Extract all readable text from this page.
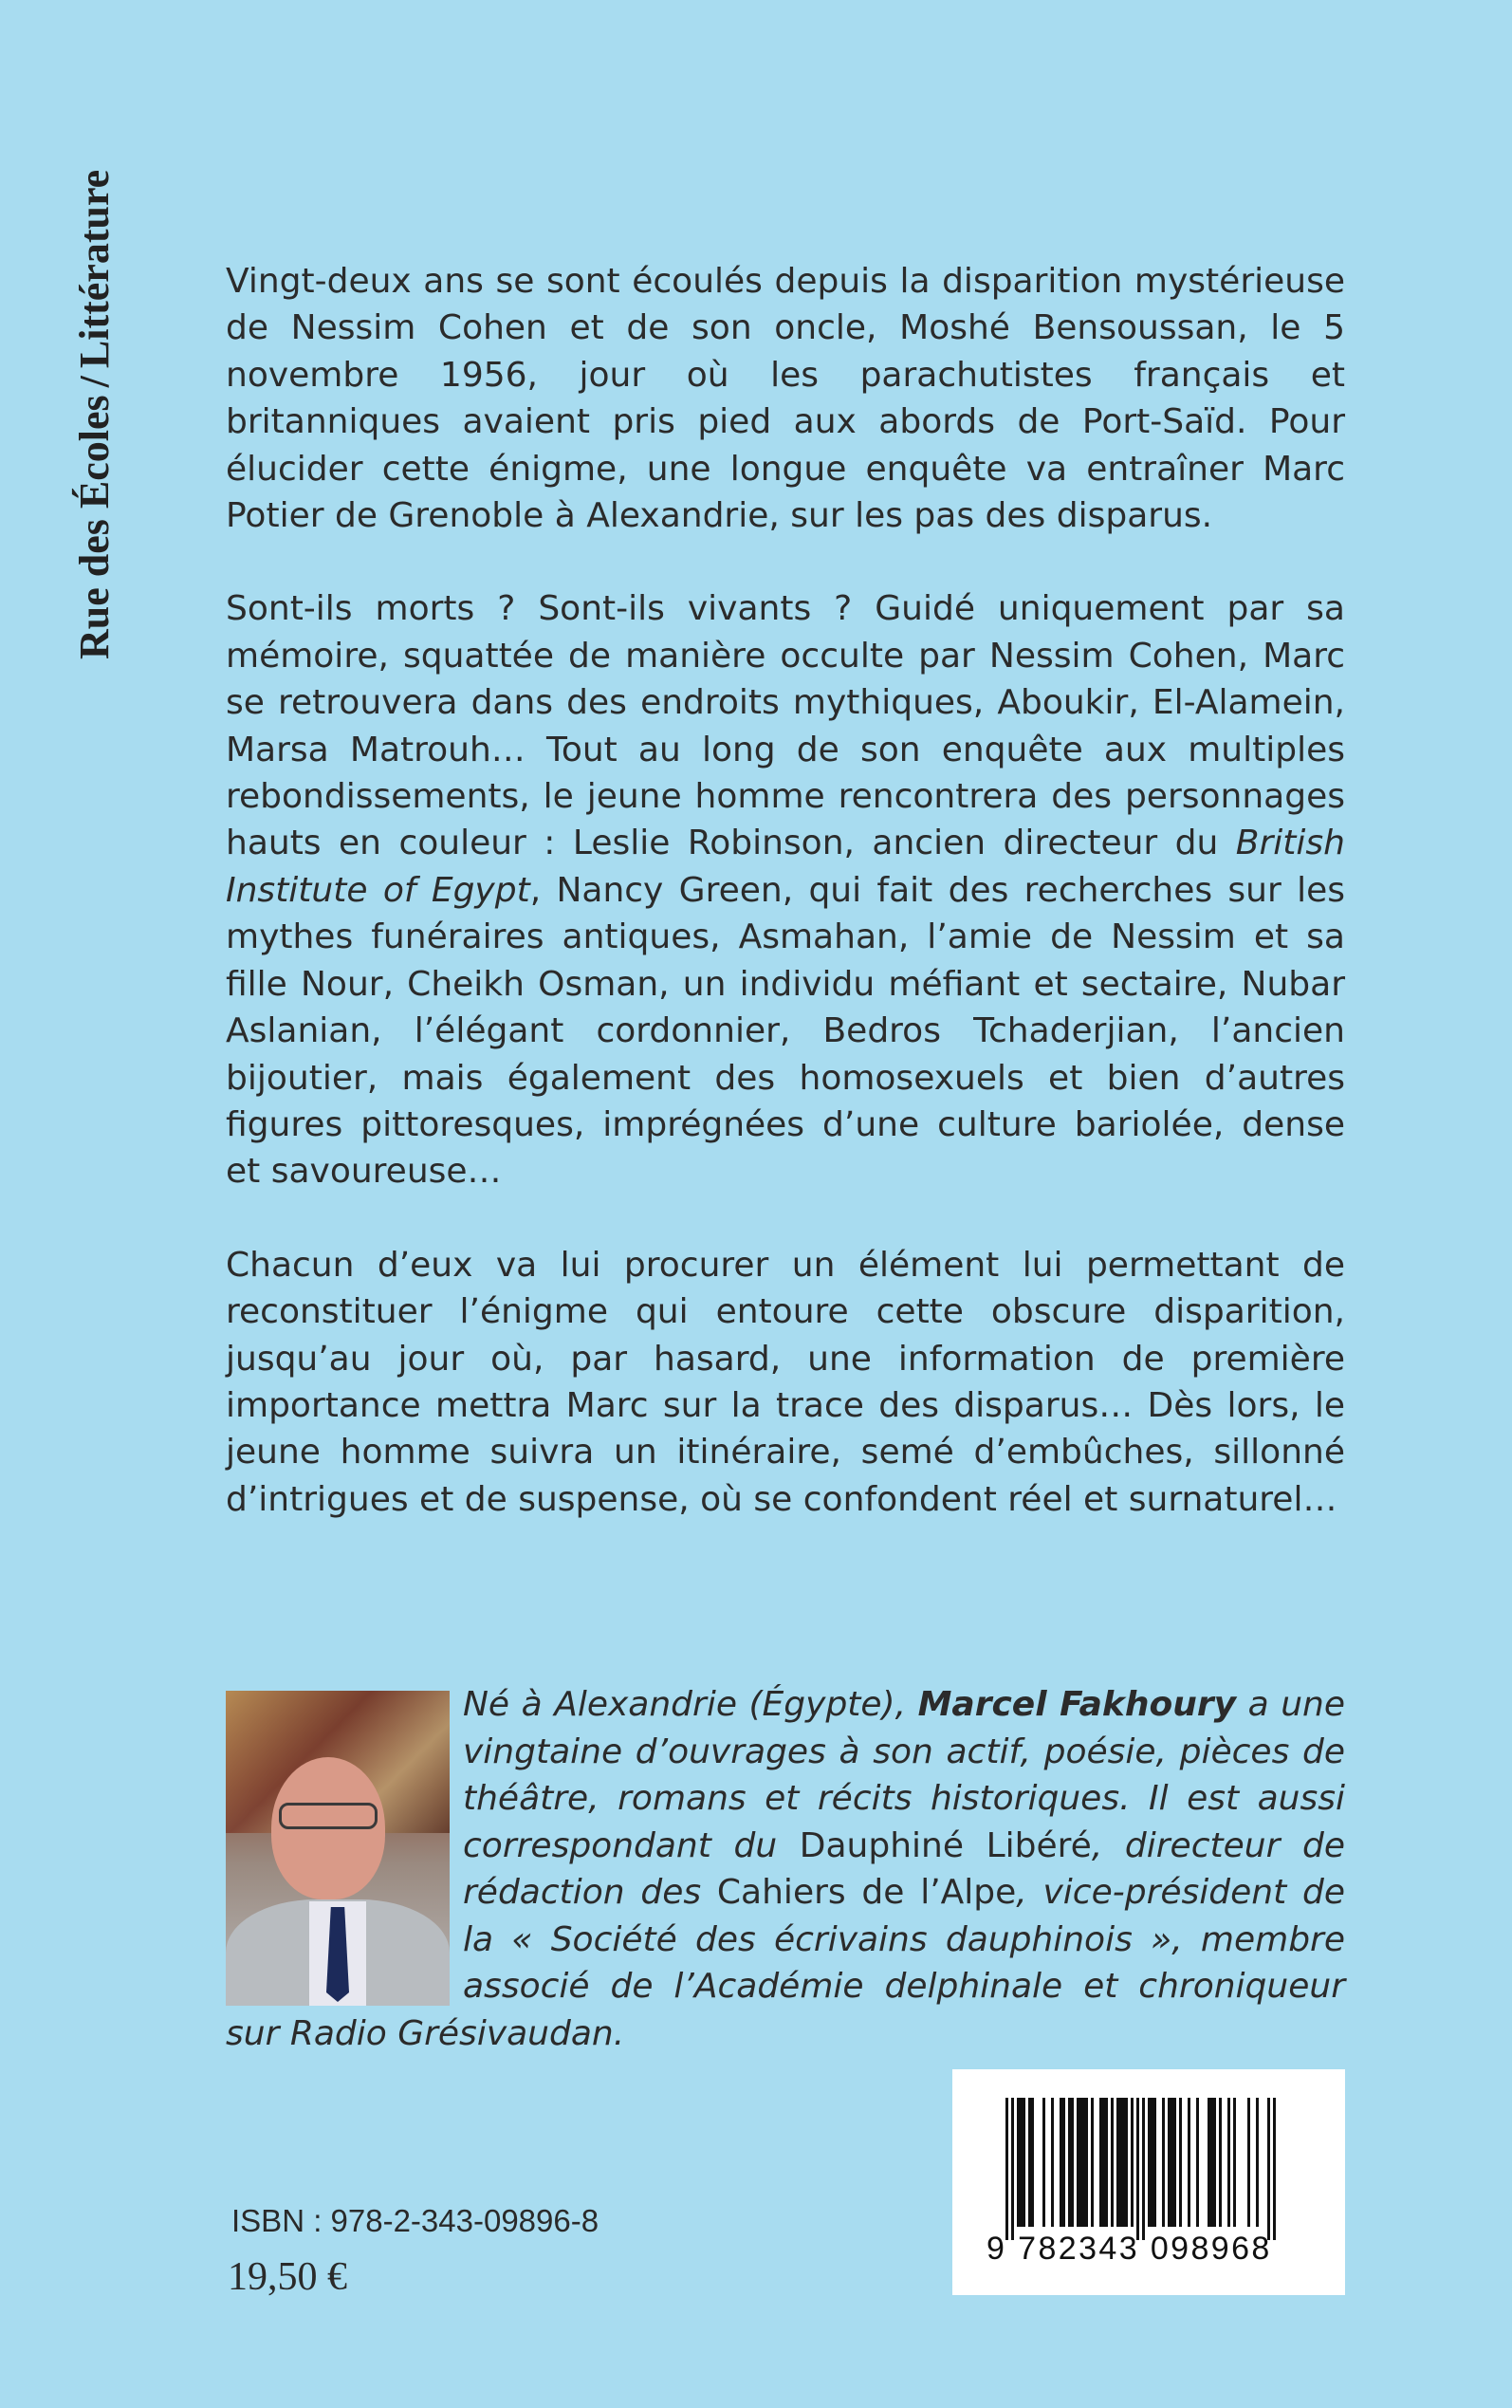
Rue des Écoles/Littérature	Vingt-deux ans se sont écoulés depuis la disparition mystérieuse de Nessim Cohen et de son oncle, Moshé Bensoussan, le 5 novembre 1956, jour où les parachutistes français et britanniques avaient pris pied aux abords de Port-Saïd. Pour élucider cette énigme, une longue enquête va entraîner Marc Potier de Grenoble à Alexandrie, sur les pas des disparus.

Sont-ils morts ? Sont-ils vivants ? Guidé uniquement par sa mémoire, squattée de manière occulte par Nessim Cohen, Marc se retrouvera dans des endroits mythiques, Aboukir, El-Alamein, Marsa Matrouh… Tout au long de son enquête aux multiples rebondissements, le jeune homme rencontrera des personnages hauts en couleur : Leslie Robinson, ancien directeur du British Institute of Egypt, Nancy Green, qui fait des recherches sur les mythes funéraires antiques, Asmahan, l’amie de Nessim et sa fille Nour, Cheikh Osman, un individu méfiant et sectaire, Nubar Aslanian, l’élégant cordonnier, Bedros Tchaderjian, l’ancien bijoutier, mais également des homosexuels et bien d’autres figures pittoresques, imprégnées d’une culture bariolée, dense et savoureuse…

Chacun d’eux va lui procurer un élément lui permettant de reconstituer l’énigme qui entoure cette obscure disparition, jusqu’au jour où, par hasard, une information de première importance mettra Marc sur la trace des disparus… Dès lors, le jeune homme suivra un itinéraire, semé d’embûches, sillonné d’intrigues et de suspense, où se confondent réel et surnaturel…

Né à Alexandrie (Égypte), Marcel Fakhoury a une vingtaine d’ouvrages à son actif, poésie, pièces de théâtre, romans et récits historiques. Il est aussi correspondant du Dauphiné Libéré, directeur de rédaction des Cahiers de l’Alpe, vice-président de la « Société des écrivains dauphinois », membre associé de l’Académie delphinale et chroniqueur sur Radio Grésivaudan.
ISBN : 978-2-343-09896-8
19,50 €
9 782343 098968
